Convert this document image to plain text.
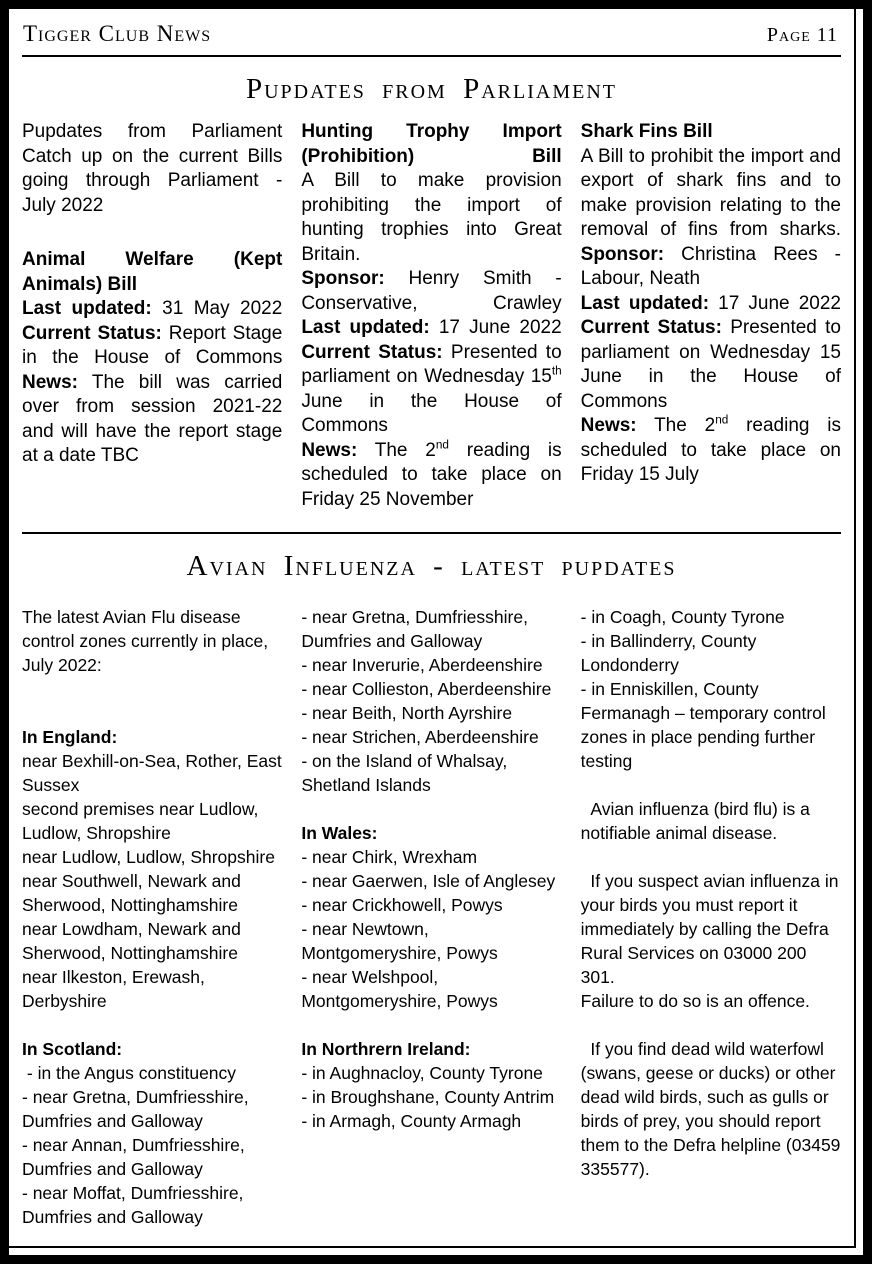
Tigger Club News	Page 11
Pupdates from Parliament
Pupdates from Parliament Catch up on the current Bills going through Parliament - July 2022
Animal Welfare (Kept Animals) Bill
Last updated: 31 May 2022
Current Status: Report Stage in the House of Commons
News: The bill was carried over from session 2021-22 and will have the report stage at a date TBC
Hunting Trophy Import (Prohibition) Bill
A Bill to make provision prohibiting the import of hunting trophies into Great Britain.
Sponsor: Henry Smith - Conservative, Crawley
Last updated: 17 June 2022
Current Status: Presented to parliament on Wednesday 15th June in the House of Commons
News: The 2nd reading is scheduled to take place on Friday 25 November
Shark Fins Bill
A Bill to prohibit the import and export of shark fins and to make provision relating to the removal of fins from sharks.
Sponsor: Christina Rees - Labour, Neath
Last updated: 17 June 2022
Current Status: Presented to parliament on Wednesday 15 June in the House of Commons
News: The 2nd reading is scheduled to take place on Friday 15 July
Avian Influenza - latest pupdates
The latest Avian Flu disease control zones currently in place, July 2022:
In England:
near Bexhill-on-Sea, Rother, East Sussex
second premises near Ludlow, Ludlow, Shropshire
near Ludlow, Ludlow, Shropshire
near Southwell, Newark and Sherwood, Nottinghamshire
near Lowdham, Newark and Sherwood, Nottinghamshire
near Ilkeston, Erewash, Derbyshire
In Scotland:
- in the Angus constituency
- near Gretna, Dumfriesshire, Dumfries and Galloway
- near Annan, Dumfriesshire, Dumfries and Galloway
- near Moffat, Dumfriesshire, Dumfries and Galloway
- near Gretna, Dumfriesshire, Dumfries and Galloway
- near Inverurie, Aberdeenshire
- near Collieston, Aberdeenshire
- near Beith, North Ayrshire
- near Strichen, Aberdeenshire
- on the Island of Whalsay, Shetland Islands
In Wales:
- near Chirk, Wrexham
- near Gaerwen, Isle of Anglesey
- near Crickhowell, Powys
- near Newtown, Montgomeryshire, Powys
- near Welshpool, Montgomeryshire, Powys
In Northrern Ireland:
- in Aughnacloy, County Tyrone
- in Broughshane, County Antrim
- in Armagh, County Armagh
- in Coagh, County Tyrone
- in Ballinderry, County Londonderry
- in Enniskillen, County Fermanagh – temporary control zones in place pending further testing
Avian influenza (bird flu) is a notifiable animal disease.
If you suspect avian influenza in your birds you must report it immediately by calling the Defra Rural Services on 03000 200 301.
Failure to do so is an offence.
If you find dead wild waterfowl (swans, geese or ducks) or other dead wild birds, such as gulls or birds of prey, you should report them to the Defra helpline (03459 335577).
